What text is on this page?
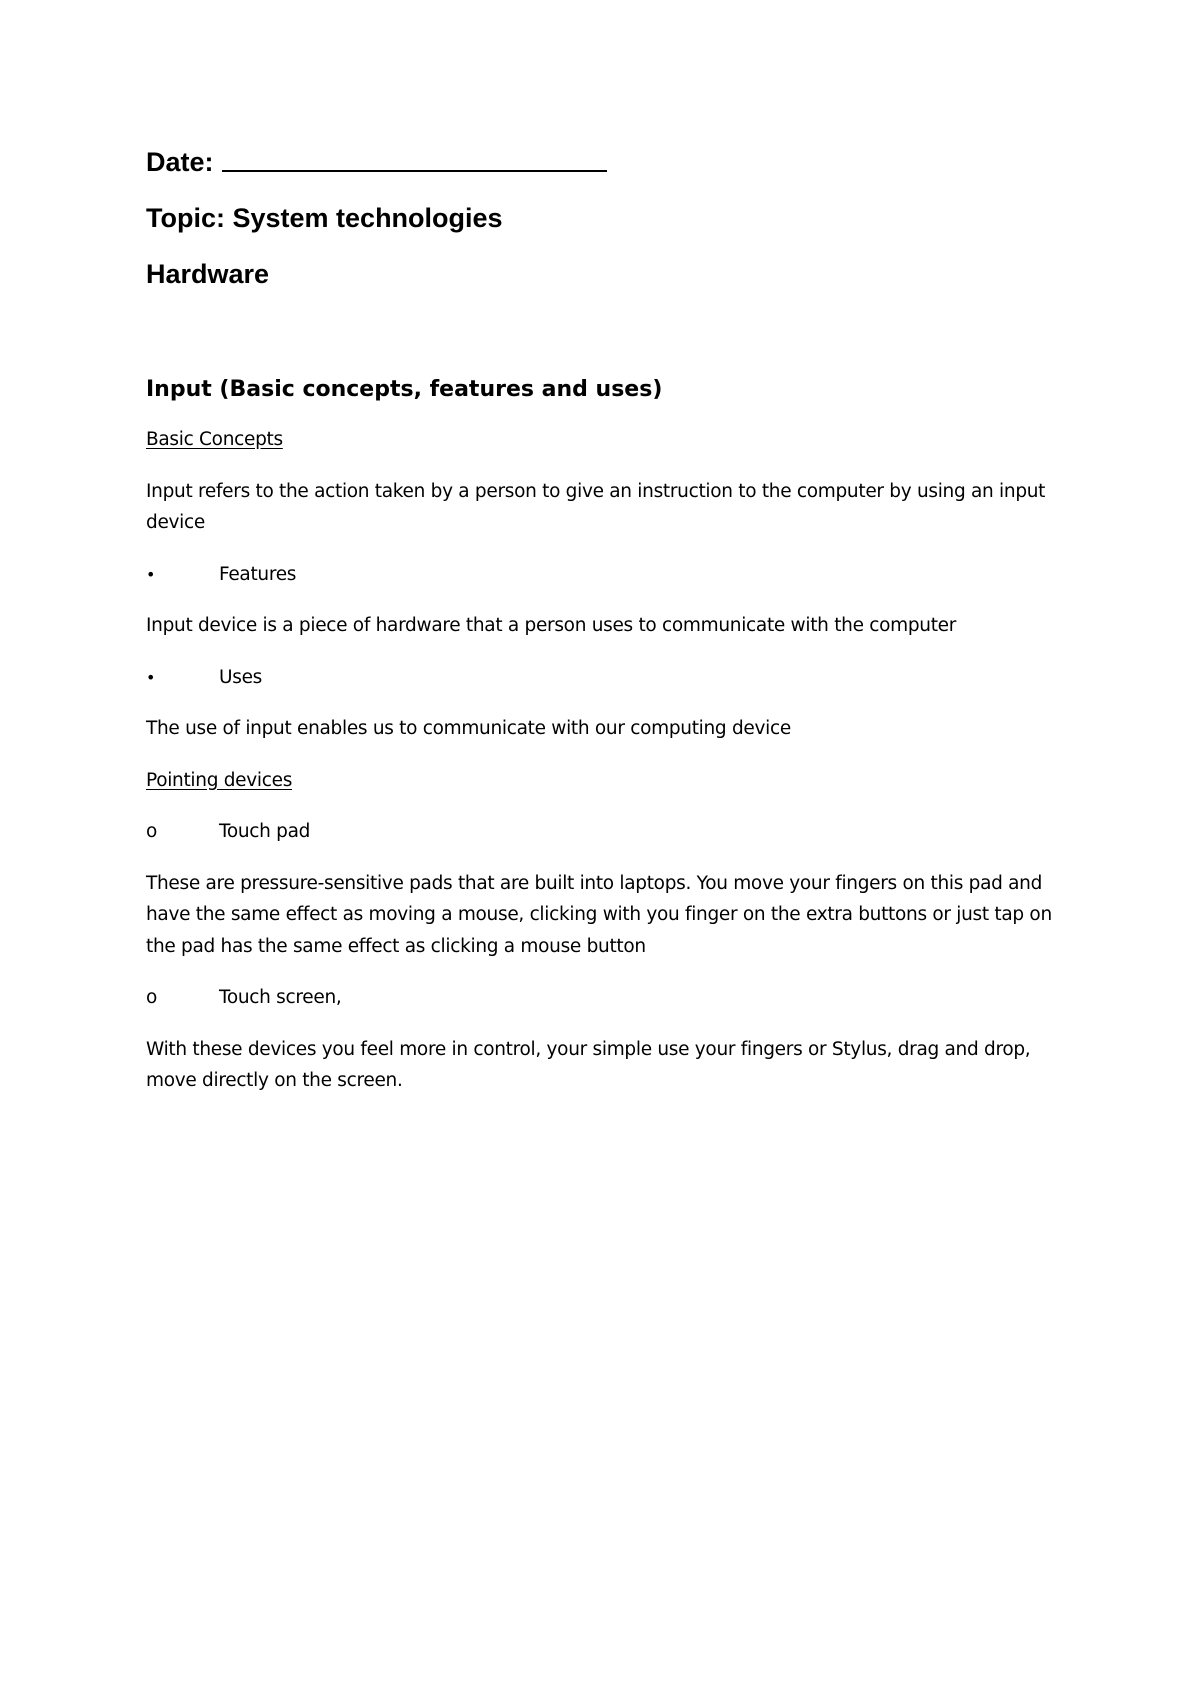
Date:
Topic: System technologies
Hardware
Input (Basic concepts, features and uses)

Basic Concepts

Input refers to the action taken by a person to give an instruction to the computer by using an input device

•	Features

Input device is a piece of hardware that a person uses to communicate with the computer

•	Uses

The use of input enables us to communicate with our computing device

Pointing devices

o	Touch pad

These are pressure-sensitive pads that are built into laptops. You move your fingers on this pad and have the same effect as moving a mouse, clicking with you finger on the extra buttons or just tap on the pad has the same effect as clicking a mouse button

o	Touch screen,

With these devices you feel more in control, your simple use your fingers or Stylus, drag and drop, move directly on the screen.
